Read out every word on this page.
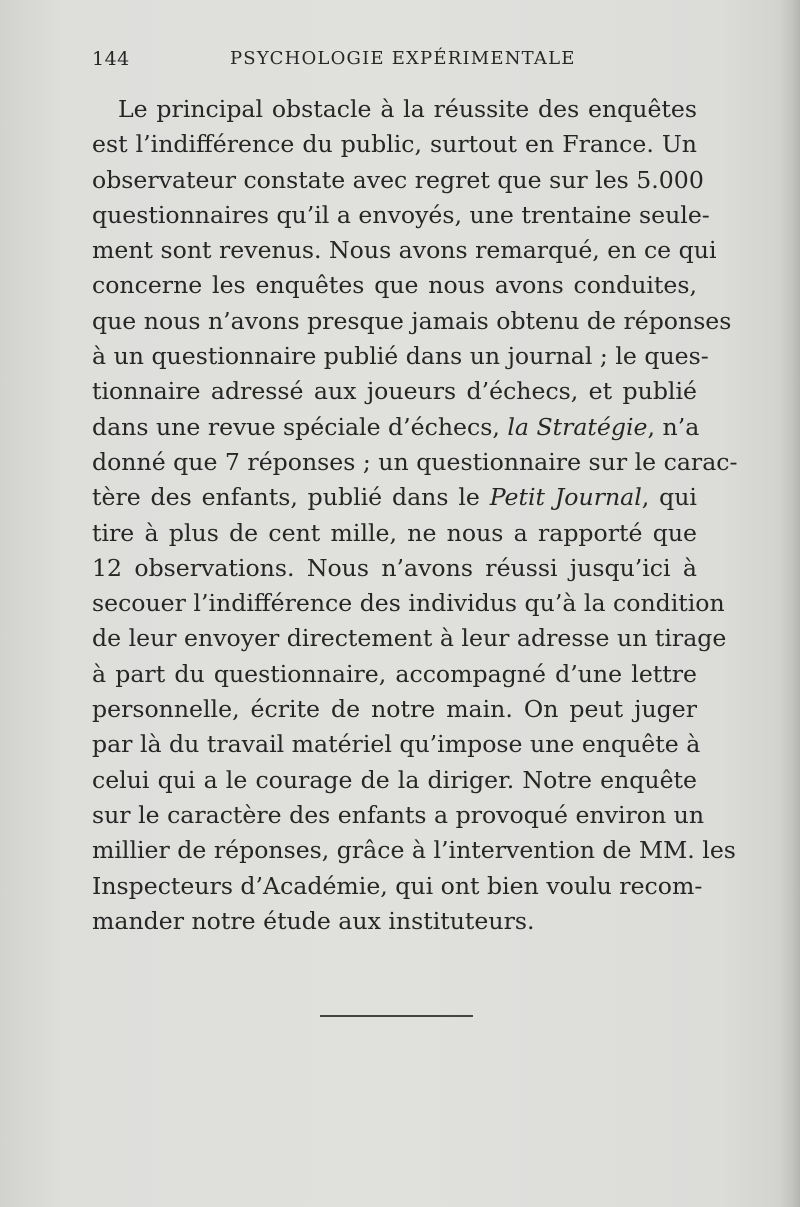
144	PSYCHOLOGIE EXPÉRIMENTALE
Le principal obstacle à la réussite des enquêtes
est l’indifférence du public, surtout en France. Un
observateur constate avec regret que sur les 5.000
questionnaires qu’il a envoyés, une trentaine seule-
ment sont revenus. Nous avons remarqué, en ce qui
concerne les enquêtes que nous avons conduites,
que nous n’avons presque jamais obtenu de réponses
à un questionnaire publié dans un journal ; le ques-
tionnaire adressé aux joueurs d’échecs, et publié
dans une revue spéciale d’échecs, la Stratégie, n’a
donné que 7 réponses ; un questionnaire sur le carac-
tère des enfants, publié dans le Petit Journal, qui
tire à plus de cent mille, ne nous a rapporté que
12 observations. Nous n’avons réussi jusqu’ici à
secouer l’indifférence des individus qu’à la condition
de leur envoyer directement à leur adresse un tirage
à part du questionnaire, accompagné d’une lettre
personnelle, écrite de notre main. On peut juger
par là du travail matériel qu’impose une enquête à
celui qui a le courage de la diriger. Notre enquête
sur le caractère des enfants a provoqué environ un
millier de réponses, grâce à l’intervention de MM. les
Inspecteurs d’Académie, qui ont bien voulu recom-
mander notre étude aux instituteurs.
